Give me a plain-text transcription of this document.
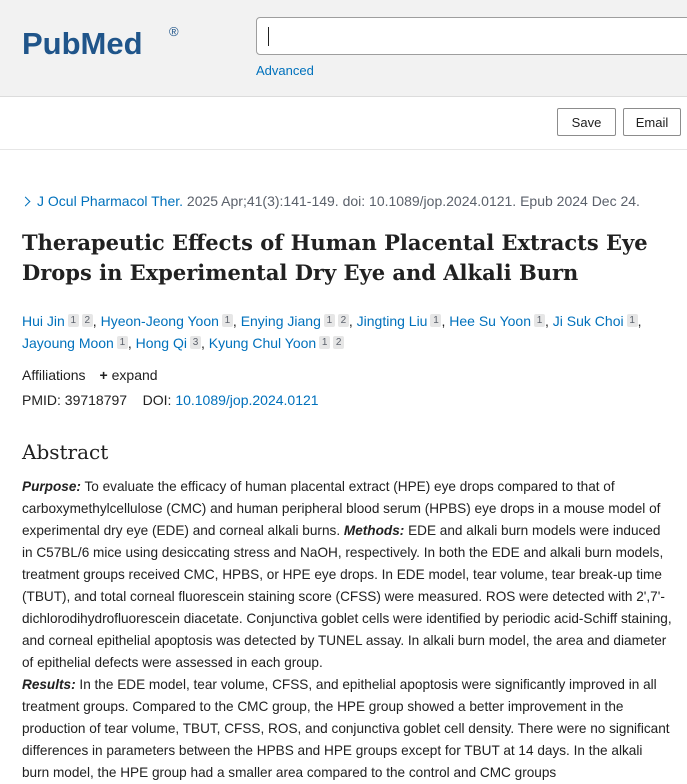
PubMed ®
Advanced
Save	Email
J Ocul Pharmacol Ther. 2025 Apr;41(3):141-149. doi: 10.1089/jop.2024.0121. Epub 2024 Dec 24.
Therapeutic Effects of Human Placental Extracts Eye Drops in Experimental Dry Eye and Alkali Burn
Hui Jin 1 2 , Hyeon-Jeong Yoon 1 , Enying Jiang 1 2 , Jingting Liu 1 , Hee Su Yoon 1 , Ji Suk Choi 1 , Jayoung Moon 1 , Hong Qi 3 , Kyung Chul Yoon 1 2
Affiliations + expand
PMID: 39718797 DOI: 10.1089/jop.2024.0121
Abstract
Purpose: To evaluate the efficacy of human placental extract (HPE) eye drops compared to that of carboxymethylcellulose (CMC) and human peripheral blood serum (HPBS) eye drops in a mouse model of experimental dry eye (EDE) and corneal alkali burns. Methods: EDE and alkali burn models were induced in C57BL/6 mice using desiccating stress and NaOH, respectively. In both the EDE and alkali burn models, treatment groups received CMC, HPBS, or HPE eye drops. In EDE model, tear volume, tear break-up time (TBUT), and total corneal fluorescein staining score (CFSS) were measured. ROS were detected with 2',7'-dichlorodihydrofluorescein diacetate. Conjunctiva goblet cells were identified by periodic acid-Schiff staining, and corneal epithelial apoptosis was detected by TUNEL assay. In alkali burn model, the area and diameter of epithelial defects were assessed in each group.
Results: In the EDE model, tear volume, CFSS, and epithelial apoptosis were significantly improved in all treatment groups. Compared to the CMC group, the HPE group showed a better improvement in the production of tear volume, TBUT, CFSS, ROS, and conjunctiva goblet cell density. There were no significant differences in parameters between the HPBS and HPE groups except for TBUT at 14 days. In the alkali burn model, the HPE group had a smaller area compared to the control and CMC groups
